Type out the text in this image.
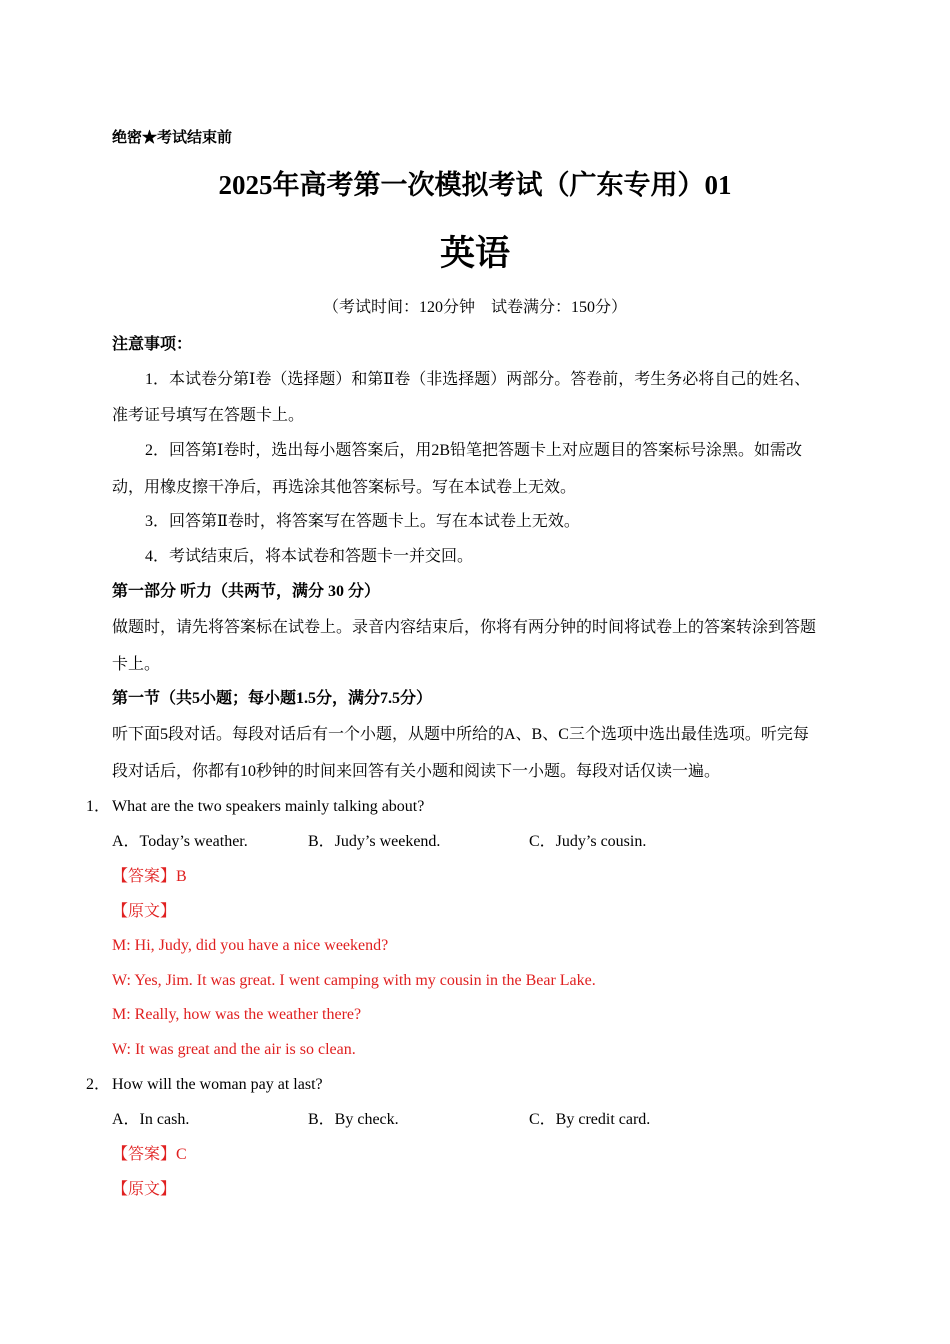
绝密★考试结束前
2025年高考第一次模拟考试（广东专用）01
英语
（考试时间：120分钟　试卷满分：150分）
注意事项：
1．本试卷分第Ⅰ卷（选择题）和第Ⅱ卷（非选择题）两部分。答卷前，考生务必将自己的姓名、
准考证号填写在答题卡上。
2．回答第Ⅰ卷时，选出每小题答案后，用2B铅笔把答题卡上对应题目的答案标号涂黑。如需改
动，用橡皮擦干净后，再选涂其他答案标号。写在本试卷上无效。
3．回答第Ⅱ卷时，将答案写在答题卡上。写在本试卷上无效。
4．考试结束后，将本试卷和答题卡一并交回。
第一部分 听力（共两节，满分 30 分）
做题时，请先将答案标在试卷上。录音内容结束后，你将有两分钟的时间将试卷上的答案转涂到答题
卡上。
第一节（共5小题；每小题1.5分，满分7.5分）
听下面5段对话。每段对话后有一个小题，从题中所给的A、B、C三个选项中选出最佳选项。听完每
段对话后，你都有10秒钟的时间来回答有关小题和阅读下一小题。每段对话仅读一遍。
1． What are the two speakers mainly talking about?
A．Today’s weather.	B．Judy’s weekend.	C．Judy’s cousin.
【答案】B
【原文】
M: Hi, Judy, did you have a nice weekend?
W: Yes, Jim. It was great. I went camping with my cousin in the Bear Lake.
M: Really, how was the weather there?
W: It was great and the air is so clean.
2． How will the woman pay at last?
A．In cash.	B．By check.	C．By credit card.
【答案】C
【原文】
